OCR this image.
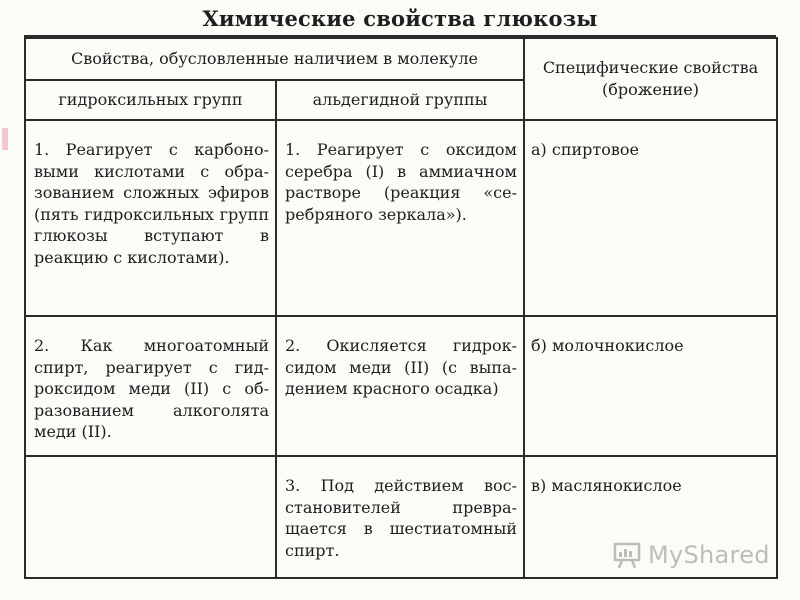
Химические свойства глюкозы
Свойства, обусловленные наличием в молекуле		Специфические свойства (брожение)
гидроксильных групп	альдегидной группы	
1. Реагирует с карбоновыми кислотами с образованием сложных эфиров (пять гидроксильных групп глюкозы вступают в реакцию с кислотами).	1. Реагирует с оксидом серебра (I) в аммиачном растворе (реакция «серебряного зеркала»).	а) спиртовое
2. Как многоатомный спирт, реагирует с гидроксидом меди (II) с образованием алкоголята меди (II).	2. Окисляется гидроксидом меди (II) (с выпадением красного осадка)	б) молочнокислое
	3. Под действием восстановителей превращается в шестиатомный спирт.	в) маслянокислое
MyShared
